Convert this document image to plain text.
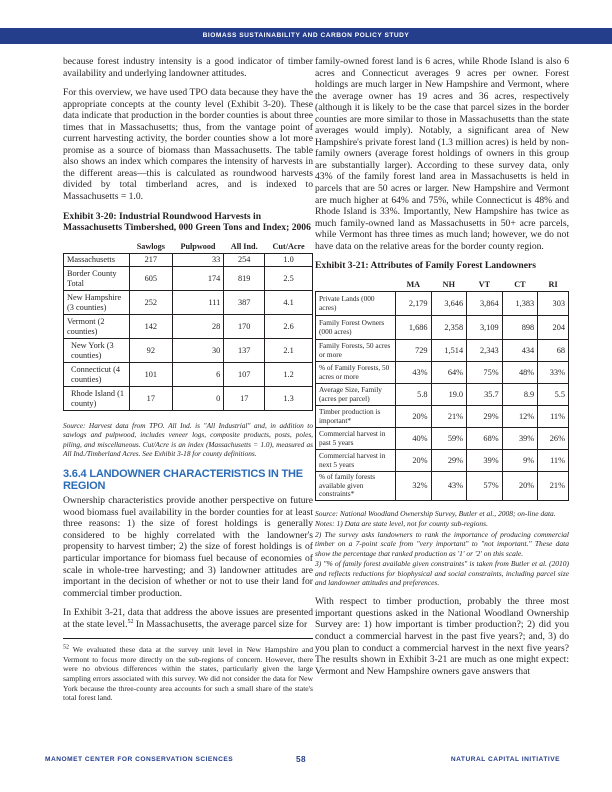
BIOMASS SUSTAINABILITY AND CARBON POLICY STUDY

because forest industry intensity is a good indicator of timber availability and underlying landowner attitudes.

For this overview, we have used TPO data because they have the appropriate concepts at the county level (Exhibit 3-20). These data indicate that production in the border counties is about three times that in Massachusetts; thus, from the vantage point of current harvesting activity, the border counties show a lot more promise as a source of biomass than Massachusetts. The table also shows an index which compares the intensity of harvests in the different areas—this is calculated as roundwood harvests divided by total timberland acres, and is indexed to Massachusetts = 1.0.

Exhibit 3-20: Industrial Roundwood Harvests in Massachusetts Timbershed, 000 Green Tons and Index; 2006
	Sawlogs	Pulpwood	All Ind.	Cut/Acre
Massachusetts	217	33	254	1.0
Border County Total	605	174	819	2.5
New Hampshire (3 counties)	252	111	387	4.1
Vermont (2 counties)	142	28	170	2.6
New York (3 counties)	92	30	137	2.1
Connecticut (4 counties)	101	6	107	1.2
Rhode Island (1 county)	17	0	17	1.3
Source: Harvest data from TPO. All Ind. is "All Industrial" and, in addition to sawlogs and pulpwood, includes veneer logs, composite products, posts, poles, piling, and miscellaneous. Cut/Acre is an index (Massachusetts = 1.0), measured as All Ind./Timberland Acres. See Exhibit 3-18 for county definitions.
3.6.4 LANDOWNER CHARACTERISTICS IN THE REGION

Ownership characteristics provide another perspective on future wood biomass fuel availability in the border counties for at least three reasons: 1) the size of forest holdings is generally considered to be highly correlated with the landowner's propensity to harvest timber; 2) the size of forest holdings is of particular importance for biomass fuel because of economies of scale in whole-tree harvesting; and 3) landowner attitudes are important in the decision of whether or not to use their land for commercial timber production.

In Exhibit 3-21, data that address the above issues are presented at the state level.$^{52}$ In Massachusetts, the average parcel size for

$^{52}$ We evaluated these data at the survey unit level in New Hampshire and Vermont to focus more directly on the sub-regions of concern. However, there were no obvious differences within the states, particularly given the large sampling errors associated with this survey. We did not consider the data for New York because the three-county area accounts for such a small share of the state's total forest land.

family-owned forest land is 6 acres, while Rhode Island is also 6 acres and Connecticut averages 9 acres per owner. Forest holdings are much larger in New Hampshire and Vermont, where the average owner has 19 acres and 36 acres, respectively (although it is likely to be the case that parcel sizes in the border counties are more similar to those in Massachusetts than the state averages would imply). Notably, a significant area of New Hampshire's private forest land (1.3 million acres) is held by non-family owners (average forest holdings of owners in this group are substantially larger). According to these survey data, only 43% of the family forest land area in Massachusetts is held in parcels that are 50 acres or larger. New Hampshire and Vermont are much higher at 64% and 75%, while Connecticut is 48% and Rhode Island is 33%. Importantly, New Hampshire has twice as much family-owned land as Massachusetts in 50+ acre parcels, while Vermont has three times as much land; however, we do not have data on the relative areas for the border county region.

Exhibit 3-21: Attributes of Family Forest Landowners
	MA	NH	VT	CT	RI
Private Lands (000 acres)	2,179	3,646	3,864	1,383	303
Family Forest Owners (000 acres)	1,686	2,358	3,109	898	204
Family Forests, 50 acres or more	729	1,514	2,343	434	68
% of Family Forests, 50 acres or more	43%	64%	75%	48%	33%
Average Size, Family (acres per parcel)	5.8	19.0	35.7	8.9	5.5
Timber production is important*	20%	21%	29%	12%	11%
Commercial harvest in past 5 years	40%	59%	68%	39%	26%
Commercial harvest in next 5 years	20%	29%	39%	9%	11%
% of family forests available given constraints*	32%	43%	57%	20%	21%
Source: National Woodland Ownership Survey, Butler et al., 2008; on-line data.
Notes: 1) Data are state level, not for county sub-regions.
2) The survey asks landowners to rank the importance of producing commercial timber on a 7-point scale from "very important" to "not important." These data show the percentage that ranked production as '1' or '2' on this scale.
3) "% of family forest available given constraints" is taken from Butler et al. (2010) and reflects reductions for biophysical and social constraints, including parcel size and landowner attitudes and preferences.

With respect to timber production, probably the three most important questions asked in the National Woodland Ownership Survey are: 1) how important is timber production?; 2) did you conduct a commercial harvest in the past five years?; and, 3) do you plan to conduct a commercial harvest in the next five years? The results shown in Exhibit 3-21 are much as one might expect: Vermont and New Hampshire owners gave answers that

MANOMET CENTER FOR CONSERVATION SCIENCES	58	NATURAL CAPITAL INITIATIVE
